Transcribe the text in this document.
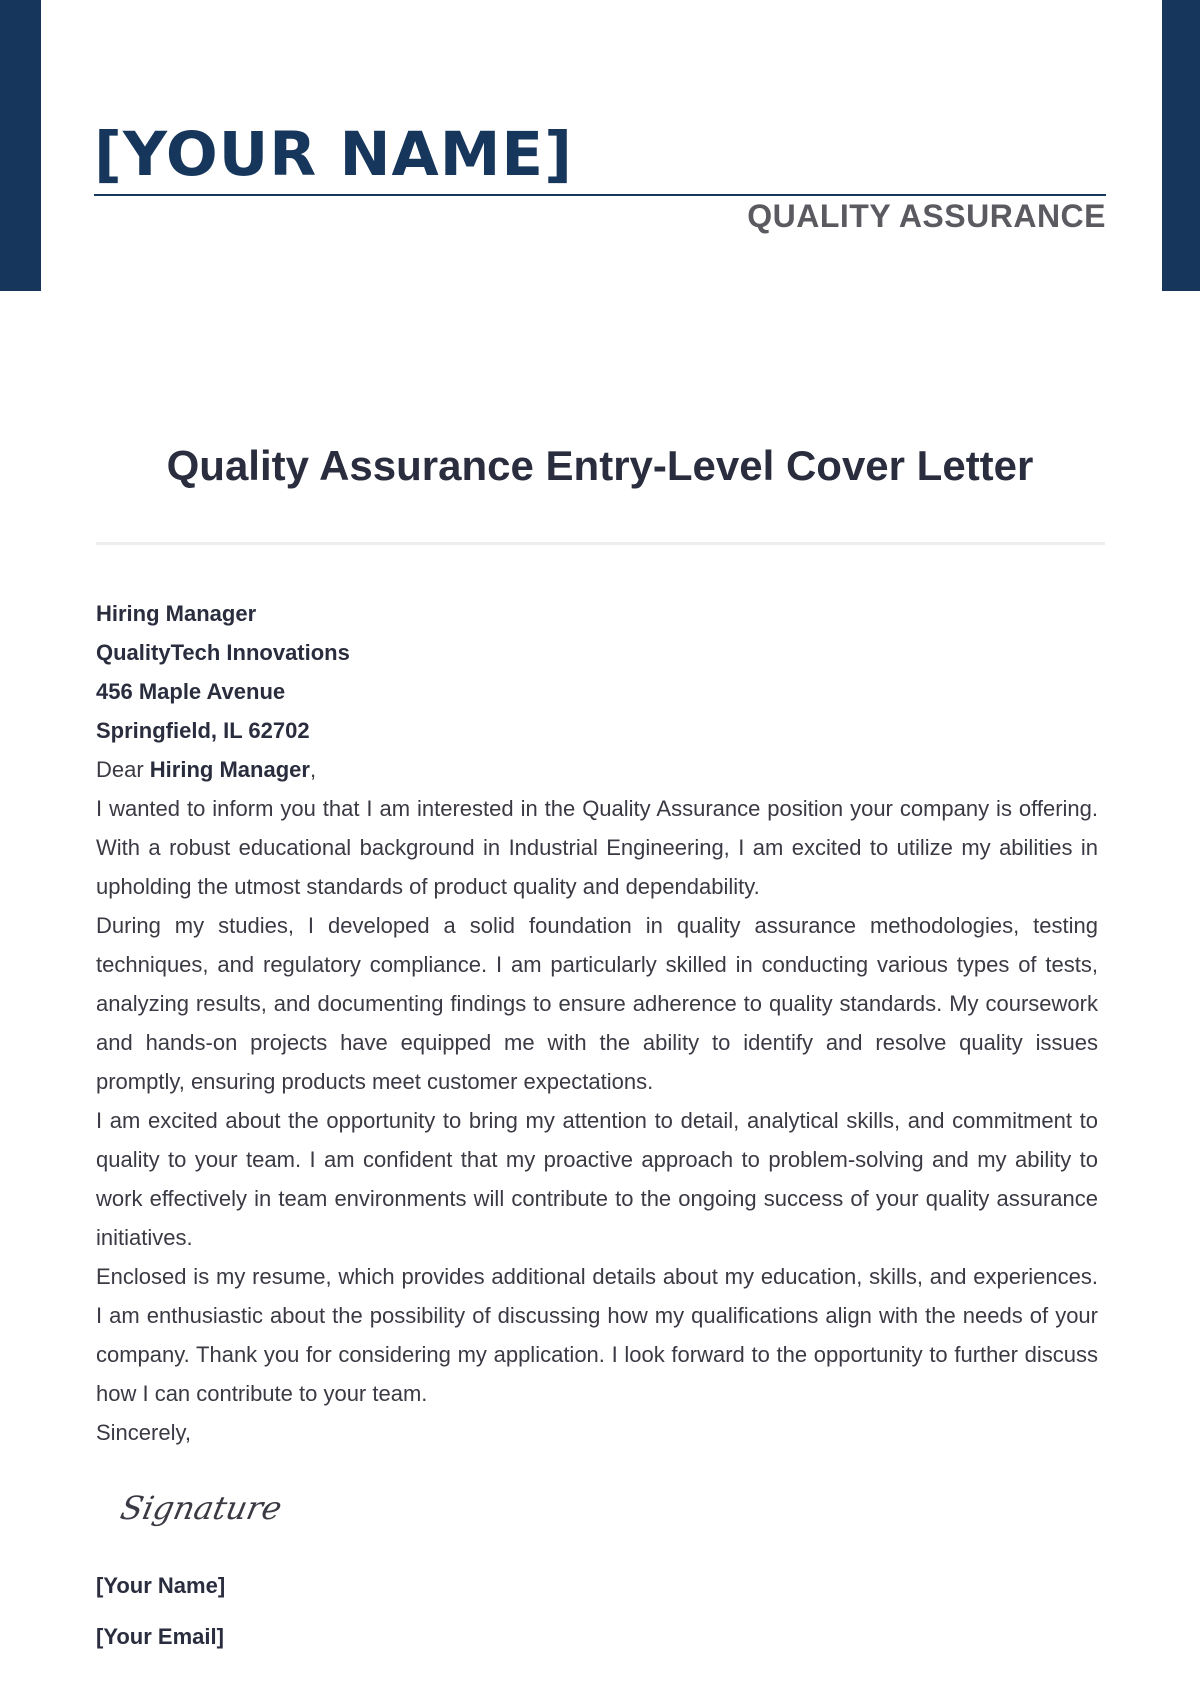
[YOUR NAME]
QUALITY ASSURANCE
Quality Assurance Entry-Level Cover Letter
Hiring Manager
QualityTech Innovations
456 Maple Avenue
Springfield, IL 62702
Dear Hiring Manager,

I wanted to inform you that I am interested in the Quality Assurance position your company is offering. With a robust educational background in Industrial Engineering, I am excited to utilize my abilities in upholding the utmost standards of product quality and dependability.

During my studies, I developed a solid foundation in quality assurance methodologies, testing techniques, and regulatory compliance. I am particularly skilled in conducting various types of tests, analyzing results, and documenting findings to ensure adherence to quality standards. My coursework and hands-on projects have equipped me with the ability to identify and resolve quality issues promptly, ensuring products meet customer expectations.

I am excited about the opportunity to bring my attention to detail, analytical skills, and commitment to quality to your team. I am confident that my proactive approach to problem-solving and my ability to work effectively in team environments will contribute to the ongoing success of your quality assurance initiatives.

Enclosed is my resume, which provides additional details about my education, skills, and experiences. I am enthusiastic about the possibility of discussing how my qualifications align with the needs of your company. Thank you for considering my application. I look forward to the opportunity to further discuss how I can contribute to your team.

Sincerely,
Signature
[Your Name]
[Your Email]
